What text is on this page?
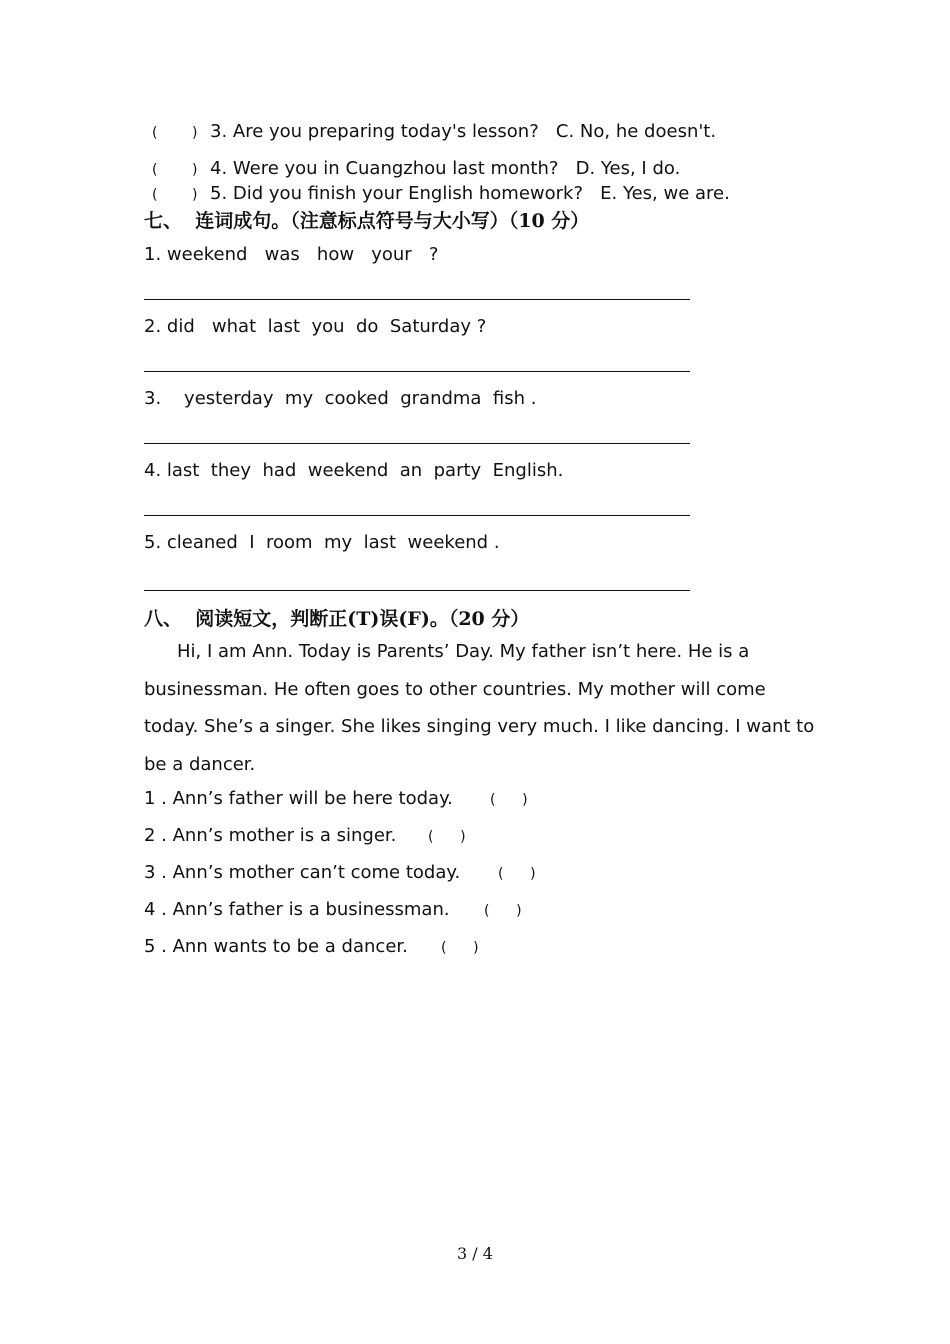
( ) 3. Are you preparing today's lesson?   C. No, he doesn't.
( ) 4. Were you in Cuangzhou last month?   D. Yes, I do.
( ) 5. Did you finish your English homework?   E. Yes, we are.
七、  连词成句。（注意标点符号与大小写）（10 分）
1. weekend   was   how   your   ?
2. did   what  last  you  do  Saturday ?
3.    yesterday  my  cooked  grandma  fish .
4. last  they  had  weekend  an  party  English.
5. cleaned  I  room  my  last  weekend .
八、  阅读短文，判断正(T)误(F)。（20 分）
Hi, I am Ann. Today is Parents’ Day. My father isn’t here. He is a businessman. He often goes to other countries. My mother will come today. She’s a singer. She likes singing very much. I like dancing. I want to be a dancer.
1 . Ann’s father will be here today.	(      )
2 . Ann’s mother is a singer. (      )
3 . Ann’s mother can’t come today.	(      )
4 . Ann’s father is a businessman. (      )
5 . Ann wants to be a dancer. (      )
3 / 4
